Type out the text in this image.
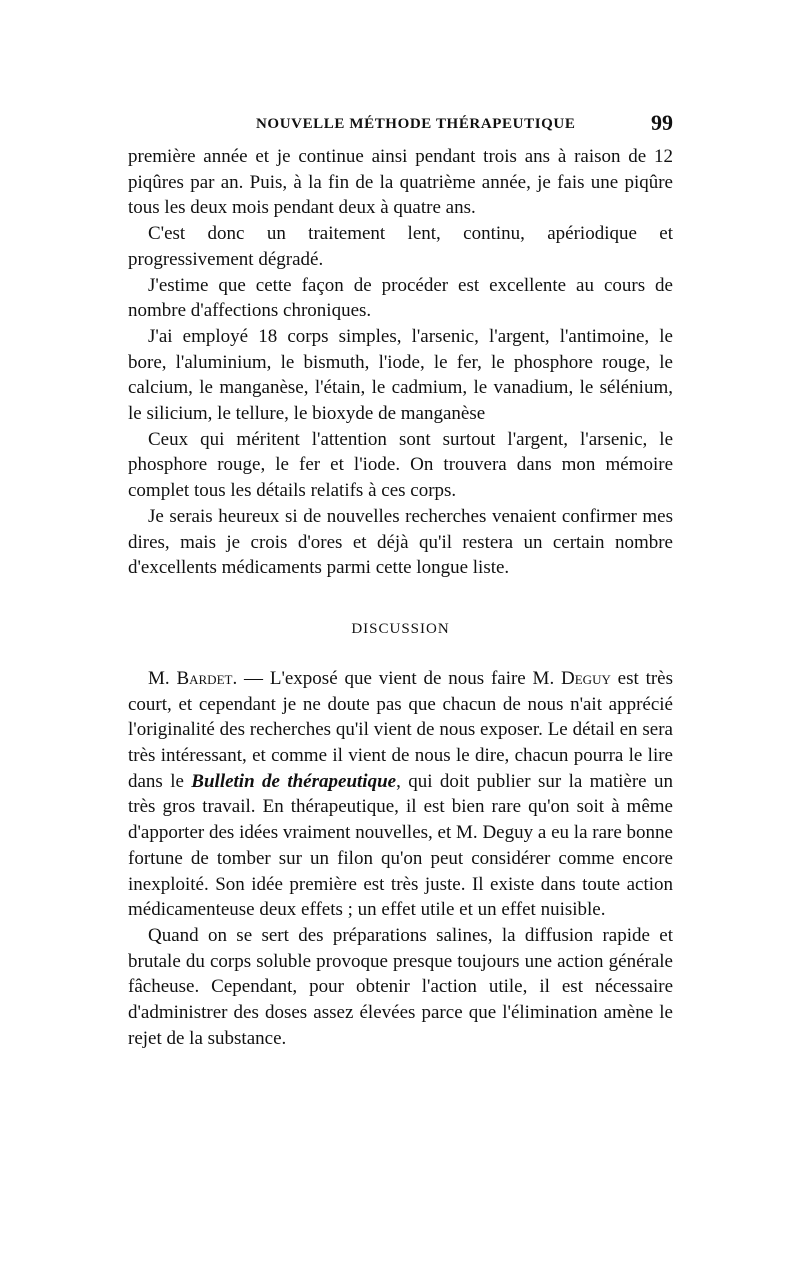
NOUVELLE MÉTHODE THÉRAPEUTIQUE	99

première année et je continue ainsi pendant trois ans à raison de 12 piqûres par an. Puis, à la fin de la quatrième année, je fais une piqûre tous les deux mois pendant deux à quatre ans.

C'est donc un traitement lent, continu, apériodique et progressivement dégradé.

J'estime que cette façon de procéder est excellente au cours de nombre d'affections chroniques.

J'ai employé 18 corps simples, l'arsenic, l'argent, l'antimoine, le bore, l'aluminium, le bismuth, l'iode, le fer, le phosphore rouge, le calcium, le manganèse, l'étain, le cadmium, le vanadium, le sélénium, le silicium, le tellure, le bioxyde de manganèse

Ceux qui méritent l'attention sont surtout l'argent, l'arsenic, le phosphore rouge, le fer et l'iode. On trouvera dans mon mémoire complet tous les détails relatifs à ces corps.

Je serais heureux si de nouvelles recherches venaient confirmer mes dires, mais je crois d'ores et déjà qu'il restera un certain nombre d'excellents médicaments parmi cette longue liste.

DISCUSSION

M. Bardet. — L'exposé que vient de nous faire M. Deguy est très court, et cependant je ne doute pas que chacun de nous n'ait apprécié l'originalité des recherches qu'il vient de nous exposer. Le détail en sera très intéressant, et comme il vient de nous le dire, chacun pourra le lire dans le Bulletin de thérapeutique, qui doit publier sur la matière un très gros travail. En thérapeutique, il est bien rare qu'on soit à même d'apporter des idées vraiment nouvelles, et M. Deguy a eu la rare bonne fortune de tomber sur un filon qu'on peut considérer comme encore inexploité. Son idée première est très juste. Il existe dans toute action médicamenteuse deux effets ; un effet utile et un effet nuisible.

Quand on se sert des préparations salines, la diffusion rapide et brutale du corps soluble provoque presque toujours une action générale fâcheuse. Cependant, pour obtenir l'action utile, il est nécessaire d'administrer des doses assez élevées parce que l'élimination amène le rejet de la substance.
